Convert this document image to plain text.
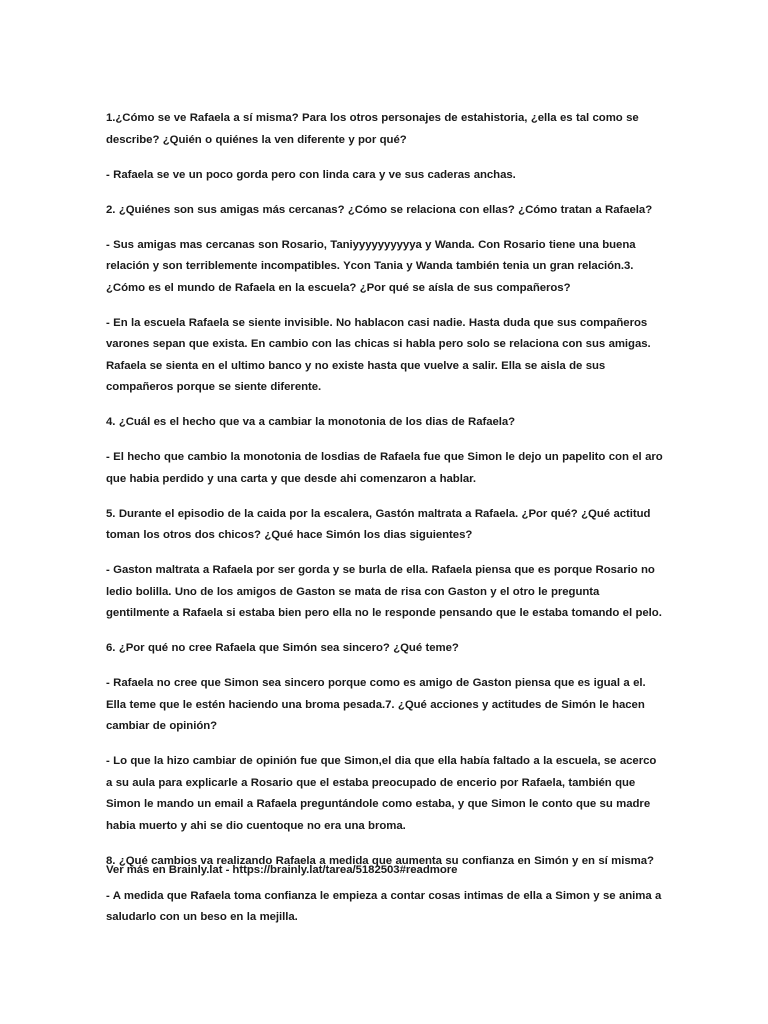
1.¿Cómo se ve Rafaela a sí misma? Para los otros personajes de estahistoria, ¿ella es tal como se describe? ¿Quién o quiénes la ven diferente y por qué?

- Rafaela se ve un poco gorda pero con linda cara y ve sus caderas anchas.

2. ¿Quiénes son sus amigas más cercanas? ¿Cómo se relaciona con ellas? ¿Cómo tratan a Rafaela?

- Sus amigas mas cercanas son Rosario, Taniyyyyyyyyyya y Wanda. Con Rosario tiene una buena relación y son terriblemente incompatibles. Ycon Tania y Wanda también tenia un gran relación.3. ¿Cómo es el mundo de Rafaela en la escuela? ¿Por qué se aísla de sus compañeros?

- En la escuela Rafaela se siente invisible. No hablacon casi nadie. Hasta duda que sus compañeros varones sepan que exista. En cambio con las chicas si habla pero solo se relaciona con sus amigas. Rafaela se sienta en el ultimo banco y no existe hasta que vuelve a salir. Ella se aisla de sus compañeros porque se siente diferente.

4. ¿Cuál es el hecho que va a cambiar la monotonia de los dias de Rafaela?

- El hecho que cambio la monotonia de losdias de Rafaela fue que Simon le dejo un papelito con el aro que habia perdido y una carta y que desde ahi comenzaron a hablar.

5. Durante el episodio de la caida por la escalera, Gastón maltrata a Rafaela. ¿Por qué? ¿Qué actitud toman los otros dos chicos? ¿Qué hace Simón los dias siguientes?

- Gaston maltrata a Rafaela por ser gorda y se burla de ella. Rafaela piensa que es porque Rosario no ledio bolilla. Uno de los amigos de Gaston se mata de risa con Gaston y el otro le pregunta gentilmente a Rafaela si estaba bien pero ella no le responde pensando que le estaba tomando el pelo.

6. ¿Por qué no cree Rafaela que Simón sea sincero? ¿Qué teme?

- Rafaela no cree que Simon sea sincero porque como es amigo de Gaston piensa que es igual a el. Ella teme que le estén haciendo una broma pesada.7. ¿Qué acciones y actitudes de Simón le hacen cambiar de opinión?

- Lo que la hizo cambiar de opinión fue que Simon,el dia que ella había faltado a la escuela, se acerco a su aula para explicarle a Rosario que el estaba preocupado de encerio por Rafaela, también que Simon le mando un email a Rafaela preguntándole como estaba, y que Simon le conto que su madre habia muerto y ahi se dio cuentoque no era una broma.

8. ¿Qué cambios va realizando Rafaela a medida que aumenta su confianza en Simón y en sí misma?

- A medida que Rafaela toma confianza le empieza a contar cosas intimas de ella a Simon y se anima a saludarlo con un beso en la mejilla.

Ver más en Brainly.lat - https://brainly.lat/tarea/5182503#readmore
